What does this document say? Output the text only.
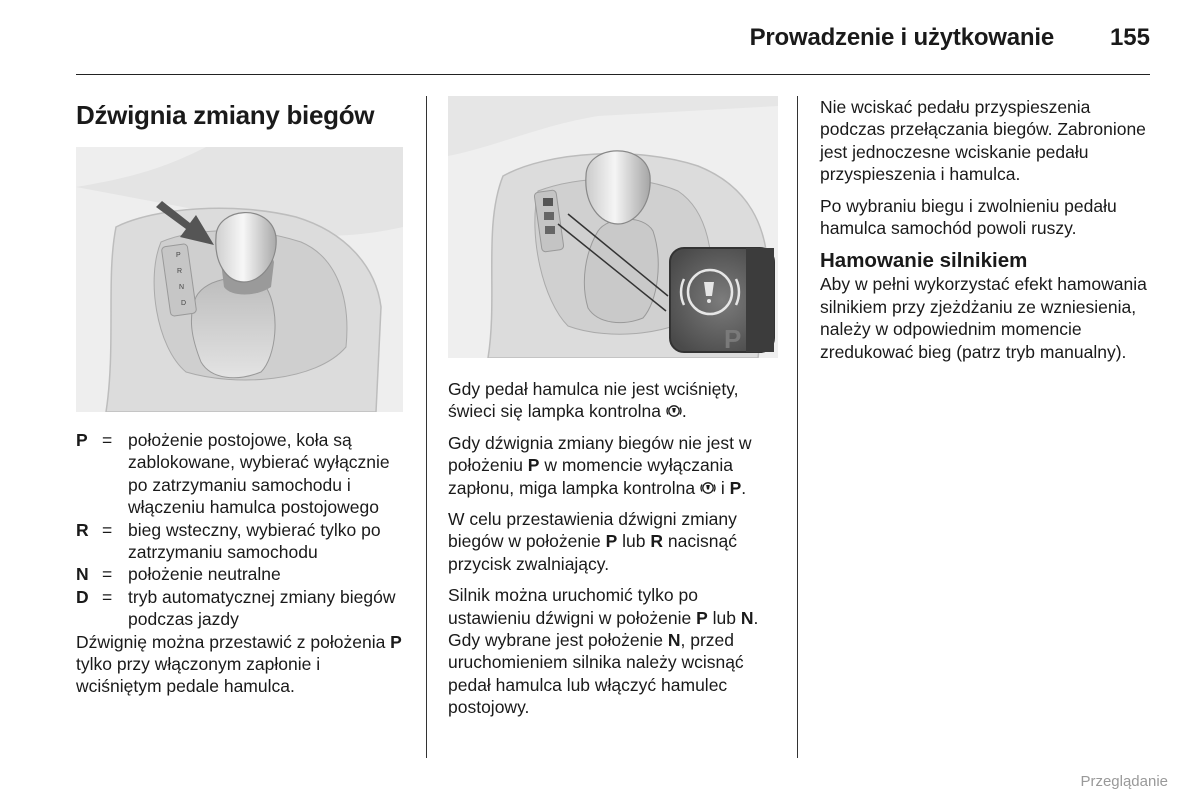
Prowadzenie i użytkowanie 155
Dźwignia zmiany biegów
P
R
N
D
P = położenie postojowe, koła są zablokowane, wybierać wyłącznie po zatrzymaniu samochodu i włączeniu hamulca postojowego
R = bieg wsteczny, wybierać tylko po zatrzymaniu samochodu
N = położenie neutralne
D = tryb automatycznej zmiany biegów podczas jazdy

Dźwignię można przestawić z położenia P tylko przy włączonym zapłonie i wciśniętym pedale hamulca.

P

Gdy pedał hamulca nie jest wciśnięty, świeci się lampka kontrolna .

Gdy dźwignia zmiany biegów nie jest w położeniu P w momencie wyłączania zapłonu, miga lampka kontrolna  i P.

W celu przestawienia dźwigni zmiany biegów w położenie P lub R nacisnąć przycisk zwalniający.

Silnik można uruchomić tylko po ustawieniu dźwigni w położenie P lub N. Gdy wybrane jest położenie N, przed uruchomieniem silnika należy wcisnąć pedał hamulca lub włączyć hamulec postojowy.

Nie wciskać pedału przyspieszenia podczas przełączania biegów. Zabronione jest jednoczesne wciskanie pedału przyspieszenia i hamulca.

Po wybraniu biegu i zwolnieniu pedału hamulca samochód powoli ruszy.

Hamowanie silnikiem

Aby w pełni wykorzystać efekt hamowania silnikiem przy zjeżdżaniu ze wzniesienia, należy w odpowiednim momencie zredukować bieg (patrz tryb manualny).

Przeglądanie
